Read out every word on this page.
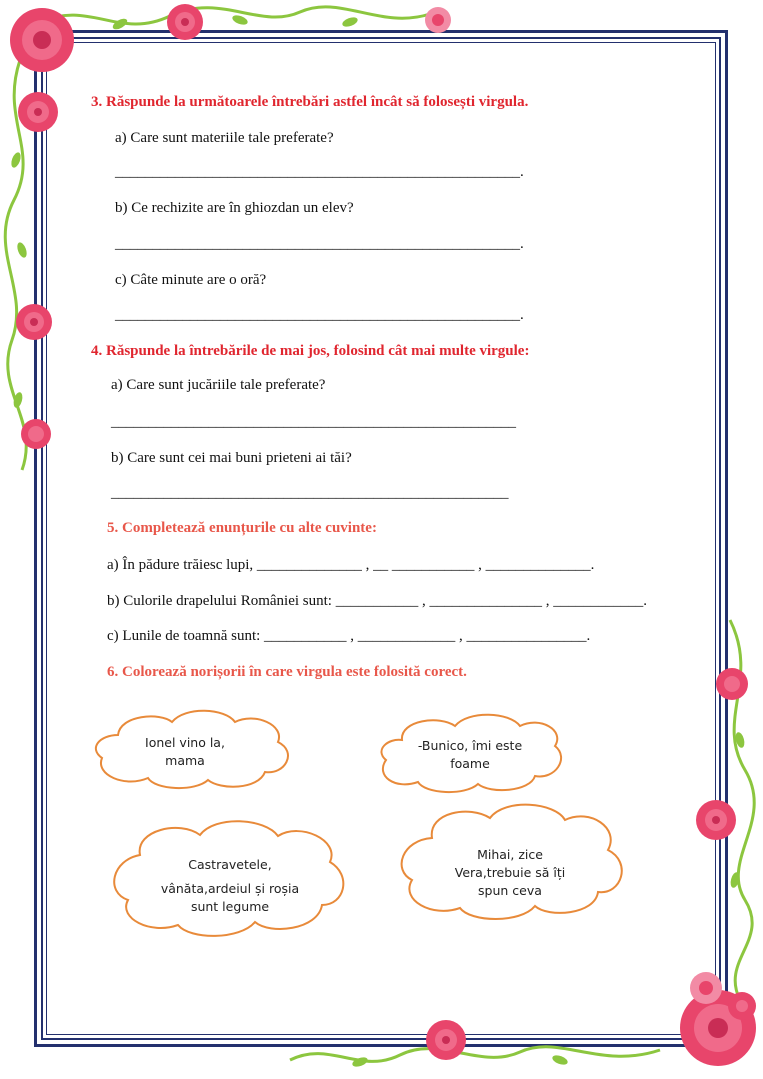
3. Răspunde la următoarele întrebări astfel încât să folosești virgula.
a) Care sunt materiile tale preferate?
______________________________________________________.
b) Ce rechizite are în ghiozdan un elev?
______________________________________________________.
c) Câte minute are o oră?
______________________________________________________.
4. Răspunde la întrebările de mai jos, folosind cât mai multe virgule:
a) Care sunt jucăriile tale preferate?
______________________________________________________
b) Care sunt cei mai buni prieteni ai tăi?
_____________________________________________________
5. Completează enunțurile cu alte cuvinte:
a) În pădure trăiesc lupi, ______________ , __ ___________ , ______________.
b) Culorile drapelului României sunt: ___________ , _______________ , ____________.
c) Lunile de toamnă sunt: ___________ , _____________ , ________________.
6. Colorează norișorii în care virgula este folosită corect.
Ionel vino la,
mama
-Bunico, îmi este
foame
Castravetele,
vânăta,ardeiul și roșia
sunt legume
Mihai, zice
Vera,trebuie să îți
spun ceva
